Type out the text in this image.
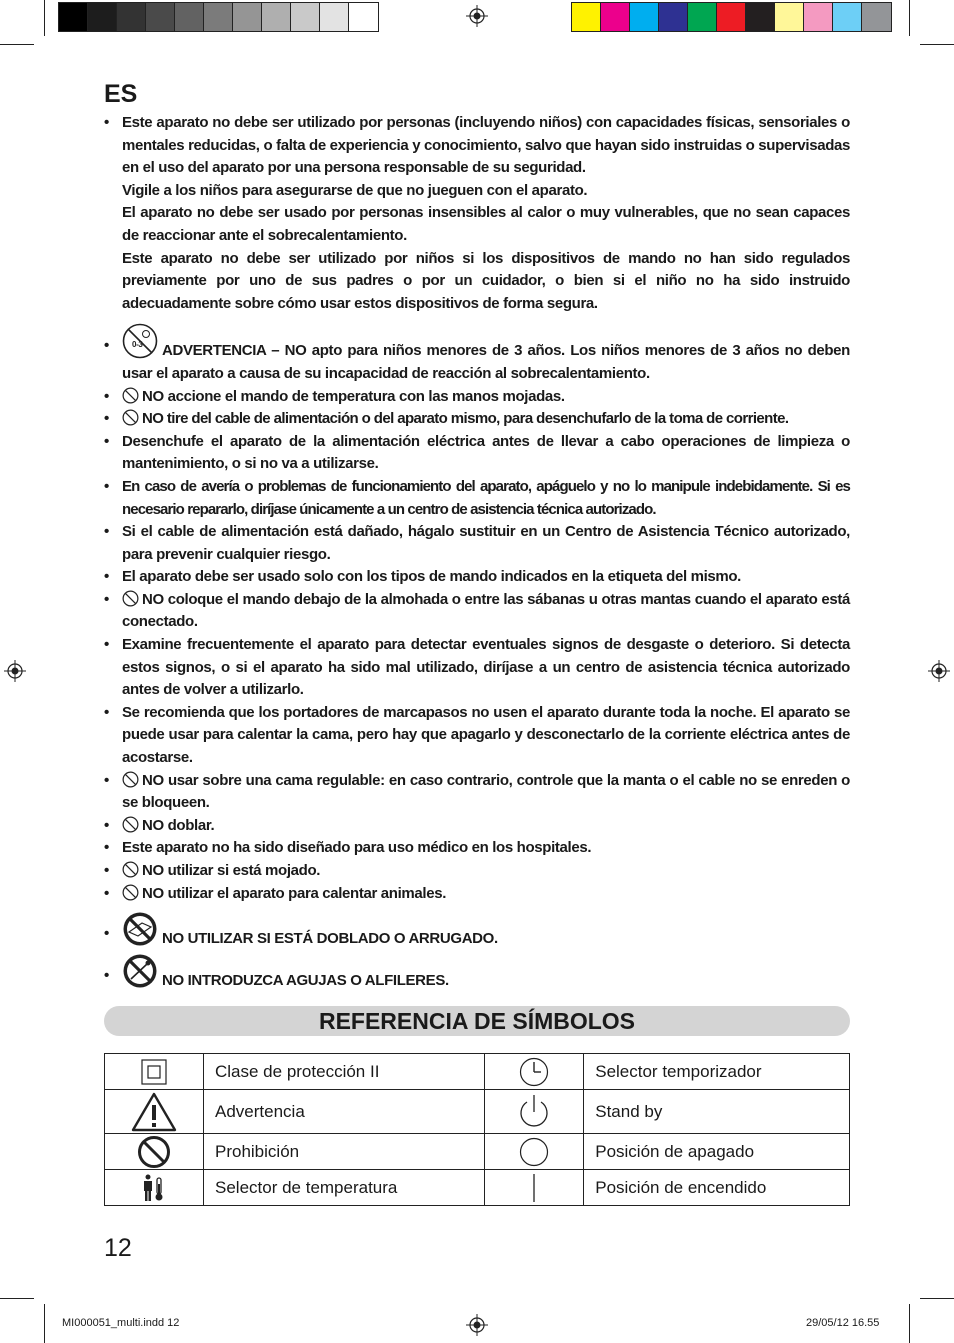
ES
• Este aparato no debe ser utilizado por personas (incluyendo niños) con capacidades físicas, sensoriales o mentales reducidas, o falta de experiencia y conocimiento, salvo que hayan sido instruidas o supervisadas en el uso del aparato por una persona responsable de su seguridad.

Vigile a los niños para asegurarse de que no jueguen con el aparato.

El aparato no debe ser usado por personas insensibles al calor o muy vulnerables, que no sean capaces de reaccionar ante el sobrecalentamiento.

Este aparato no debe ser utilizado por niños si los dispositivos de mando no han sido regulados previamente por uno de sus padres o por un cuidador, o bien si el niño no ha sido instruido adecuadamente sobre cómo usar estos dispositivos de forma segura.

•	0-3 ADVERTENCIA – NO apto para niños menores de 3 años. Los niños menores de 3 años no deben usar el aparato a causa de su incapacidad de reacción al sobrecalentamiento.

•	NO accione el mando de temperatura con las manos mojadas.

•	NO tire del cable de alimentación o del aparato mismo, para desenchufarlo de la toma de corriente.

• Desenchufe el aparato de la alimentación eléctrica antes de llevar a cabo operaciones de limpieza o mantenimiento, o si no va a utilizarse.

• En caso de avería o problemas de funcionamiento del aparato, apáguelo y no lo manipule indebidamente. Si es necesario repararlo, diríjase únicamente a un centro de asistencia técnica autorizado.

• Si el cable de alimentación está dañado, hágalo sustituir en un Centro de Asistencia Técnico autorizado, para prevenir cualquier riesgo.

• El aparato debe ser usado solo con los tipos de mando indicados en la etiqueta del mismo.

•	NO coloque el mando debajo de la almohada o entre las sábanas u otras mantas cuando el aparato está conectado.

• Examine frecuentemente el aparato para detectar eventuales signos de desgaste o deterioro. Si detecta estos signos, o si el aparato ha sido mal utilizado, diríjase a un centro de asistencia técnica autorizado antes de volver a utilizarlo.

• Se recomienda que los portadores de marcapasos no usen el aparato durante toda la noche. El aparato se puede usar para calentar la cama, pero hay que apagarlo y desconectarlo de la corriente eléctrica antes de acostarse.

•	NO usar sobre una cama regulable: en caso contrario, controle que la manta o el cable no se enreden o se bloqueen.

•	NO doblar.

• Este aparato no ha sido diseñado para uso médico en los hospitales.

•	NO utilizar si está mojado.

•	NO utilizar el aparato para calentar animales.

•	NO UTILIZAR SI ESTÁ DOBLADO O ARRUGADO.

•	NO INTRODUZCA AGUJAS O ALFILERES.

REFERENCIA DE SÍMBOLOS
	Clase de protección II		Selector temporizador

	Advertencia		Stand by

	Prohibición		Posición de apagado

	Selector de temperatura		Posición de encendido
12
MI000051_multi.indd 12	29/05/12 16.55
